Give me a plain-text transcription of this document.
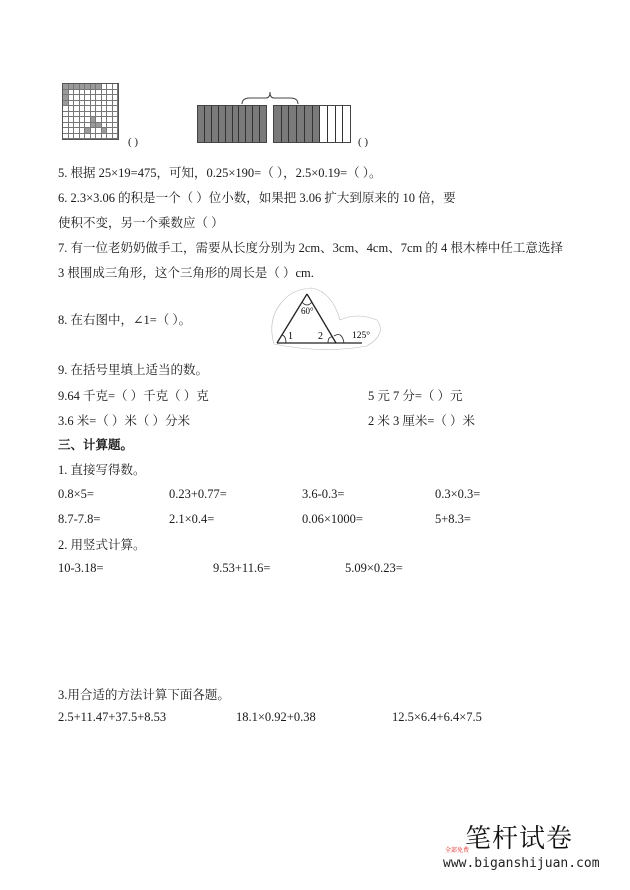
( )	( )
5. 根据 25×19=475，可知，0.25×190=（ ），2.5×0.19=（ ）。
6. 2.3×3.06 的积是一个（ ）位小数，如果把 3.06 扩大到原来的 10 倍，要
使积不变，另一个乘数应（ ）
7. 有一位老奶奶做手工，需要从长度分别为 2cm、3cm、4cm、7cm 的 4 根木棒中任工意选择
3 根围成三角形，这个三角形的周长是（ ）cm.
8. 在右图中，∠1=（ ）。
60°
1	2	125°
9. 在括号里填上适当的数。
9.64 千克=（ ）千克（ ）克	5 元 7 分=（ ）元
3.6 米=（ ）米（ ）分米	2 米 3 厘米=（ ）米
三、计算题。
1. 直接写得数。
0.8×5=	0.23+0.77=	3.6-0.3=	0.3×0.3=
8.7-7.8=	2.1×0.4=	0.06×1000=	5+8.3=
2. 用竖式计算。
10-3.18=	9.53+11.6=	5.09×0.23=
3.用合适的方法计算下面各题。
2.5+11.47+37.5+8.53	18.1×0.92+0.38	12.5×6.4+6.4×7.5
笔杆试卷
全部免费
www.biganshijuan.com
